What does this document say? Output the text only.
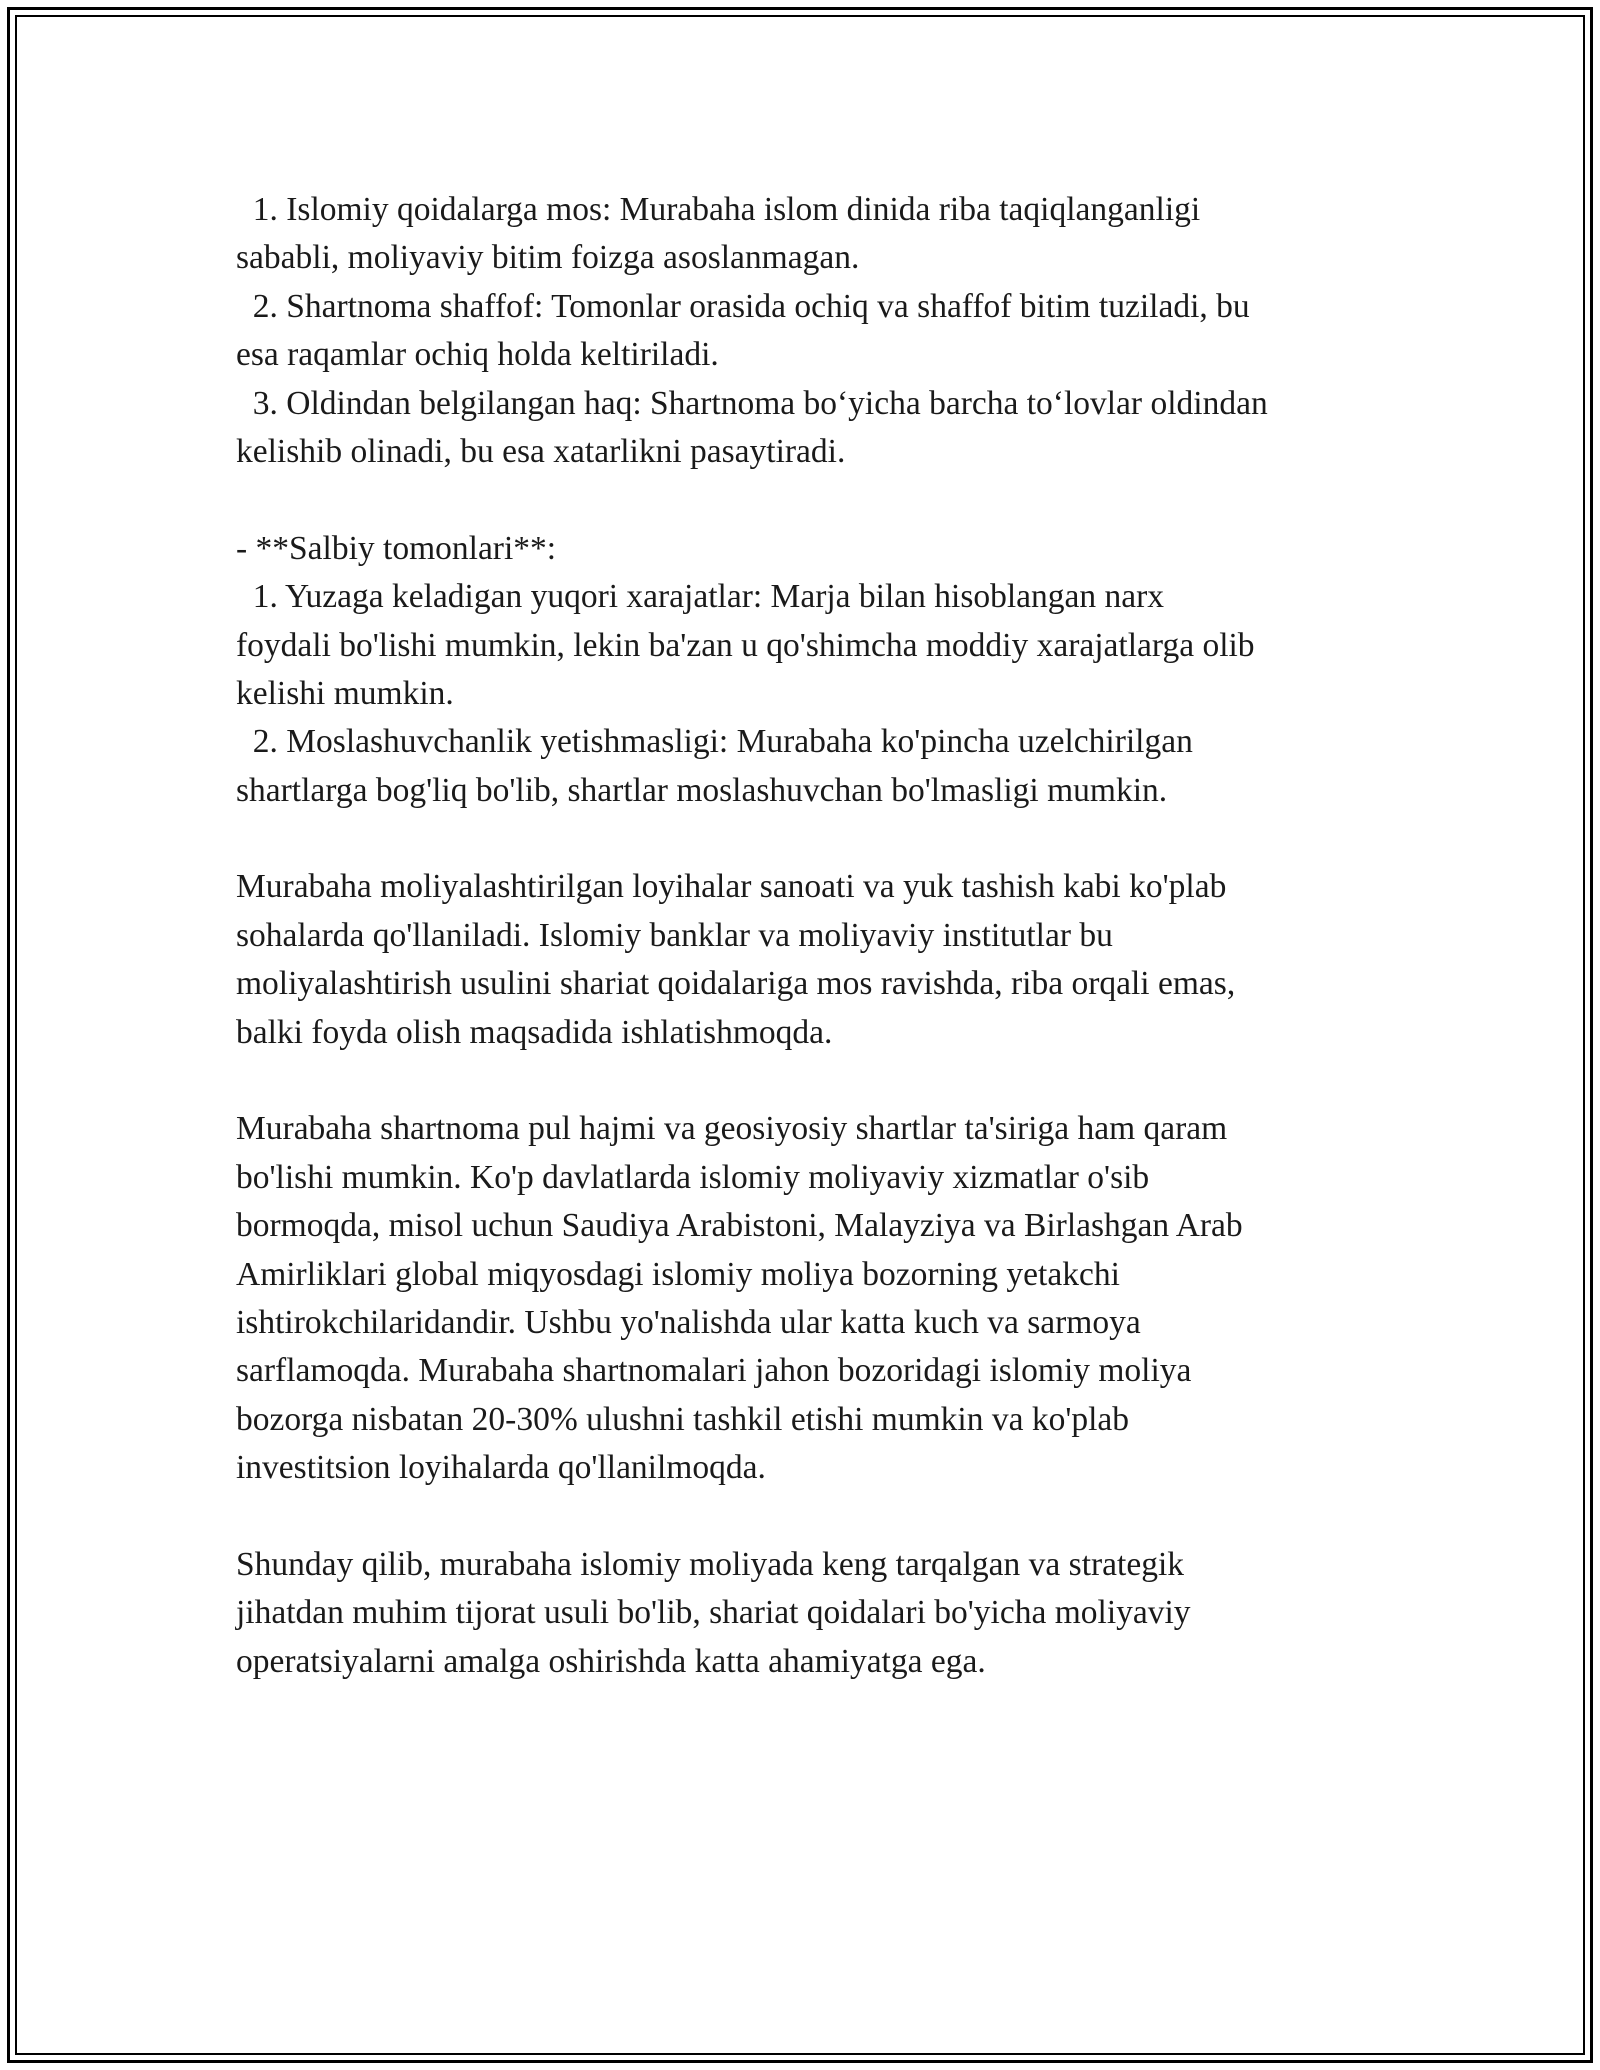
1. Islomiy qoidalarga mos: Murabaha islom dinida riba taqiqlanganligi
sababli, moliyaviy bitim foizga asoslanmagan.
2. Shartnoma shaffof: Tomonlar orasida ochiq va shaffof bitim tuziladi, bu
esa raqamlar ochiq holda keltiriladi.
3. Oldindan belgilangan haq: Shartnoma bo‘yicha barcha to‘lovlar oldindan
kelishib olinadi, bu esa xatarlikni pasaytiradi.
- **Salbiy tomonlari**:
1. Yuzaga keladigan yuqori xarajatlar: Marja bilan hisoblangan narx
foydali bo'lishi mumkin, lekin ba'zan u qo'shimcha moddiy xarajatlarga olib
kelishi mumkin.
2. Moslashuvchanlik yetishmasligi: Murabaha ko'pincha uzelchirilgan
shartlarga bog'liq bo'lib, shartlar moslashuvchan bo'lmasligi mumkin.
Murabaha moliyalashtirilgan loyihalar sanoati va yuk tashish kabi ko'plab
sohalarda qo'llaniladi. Islomiy banklar va moliyaviy institutlar bu
moliyalashtirish usulini shariat qoidalariga mos ravishda, riba orqali emas,
balki foyda olish maqsadida ishlatishmoqda.
Murabaha shartnoma pul hajmi va geosiyosiy shartlar ta'siriga ham qaram
bo'lishi mumkin. Ko'p davlatlarda islomiy moliyaviy xizmatlar o'sib
bormoqda, misol uchun Saudiya Arabistoni, Malayziya va Birlashgan Arab
Amirliklari global miqyosdagi islomiy moliya bozorning yetakchi
ishtirokchilaridandir. Ushbu yo'nalishda ular katta kuch va sarmoya
sarflamoqda. Murabaha shartnomalari jahon bozoridagi islomiy moliya
bozorga nisbatan 20-30% ulushni tashkil etishi mumkin va ko'plab
investitsion loyihalarda qo'llanilmoqda.
Shunday qilib, murabaha islomiy moliyada keng tarqalgan va strategik
jihatdan muhim tijorat usuli bo'lib, shariat qoidalari bo'yicha moliyaviy
operatsiyalarni amalga oshirishda katta ahamiyatga ega.
